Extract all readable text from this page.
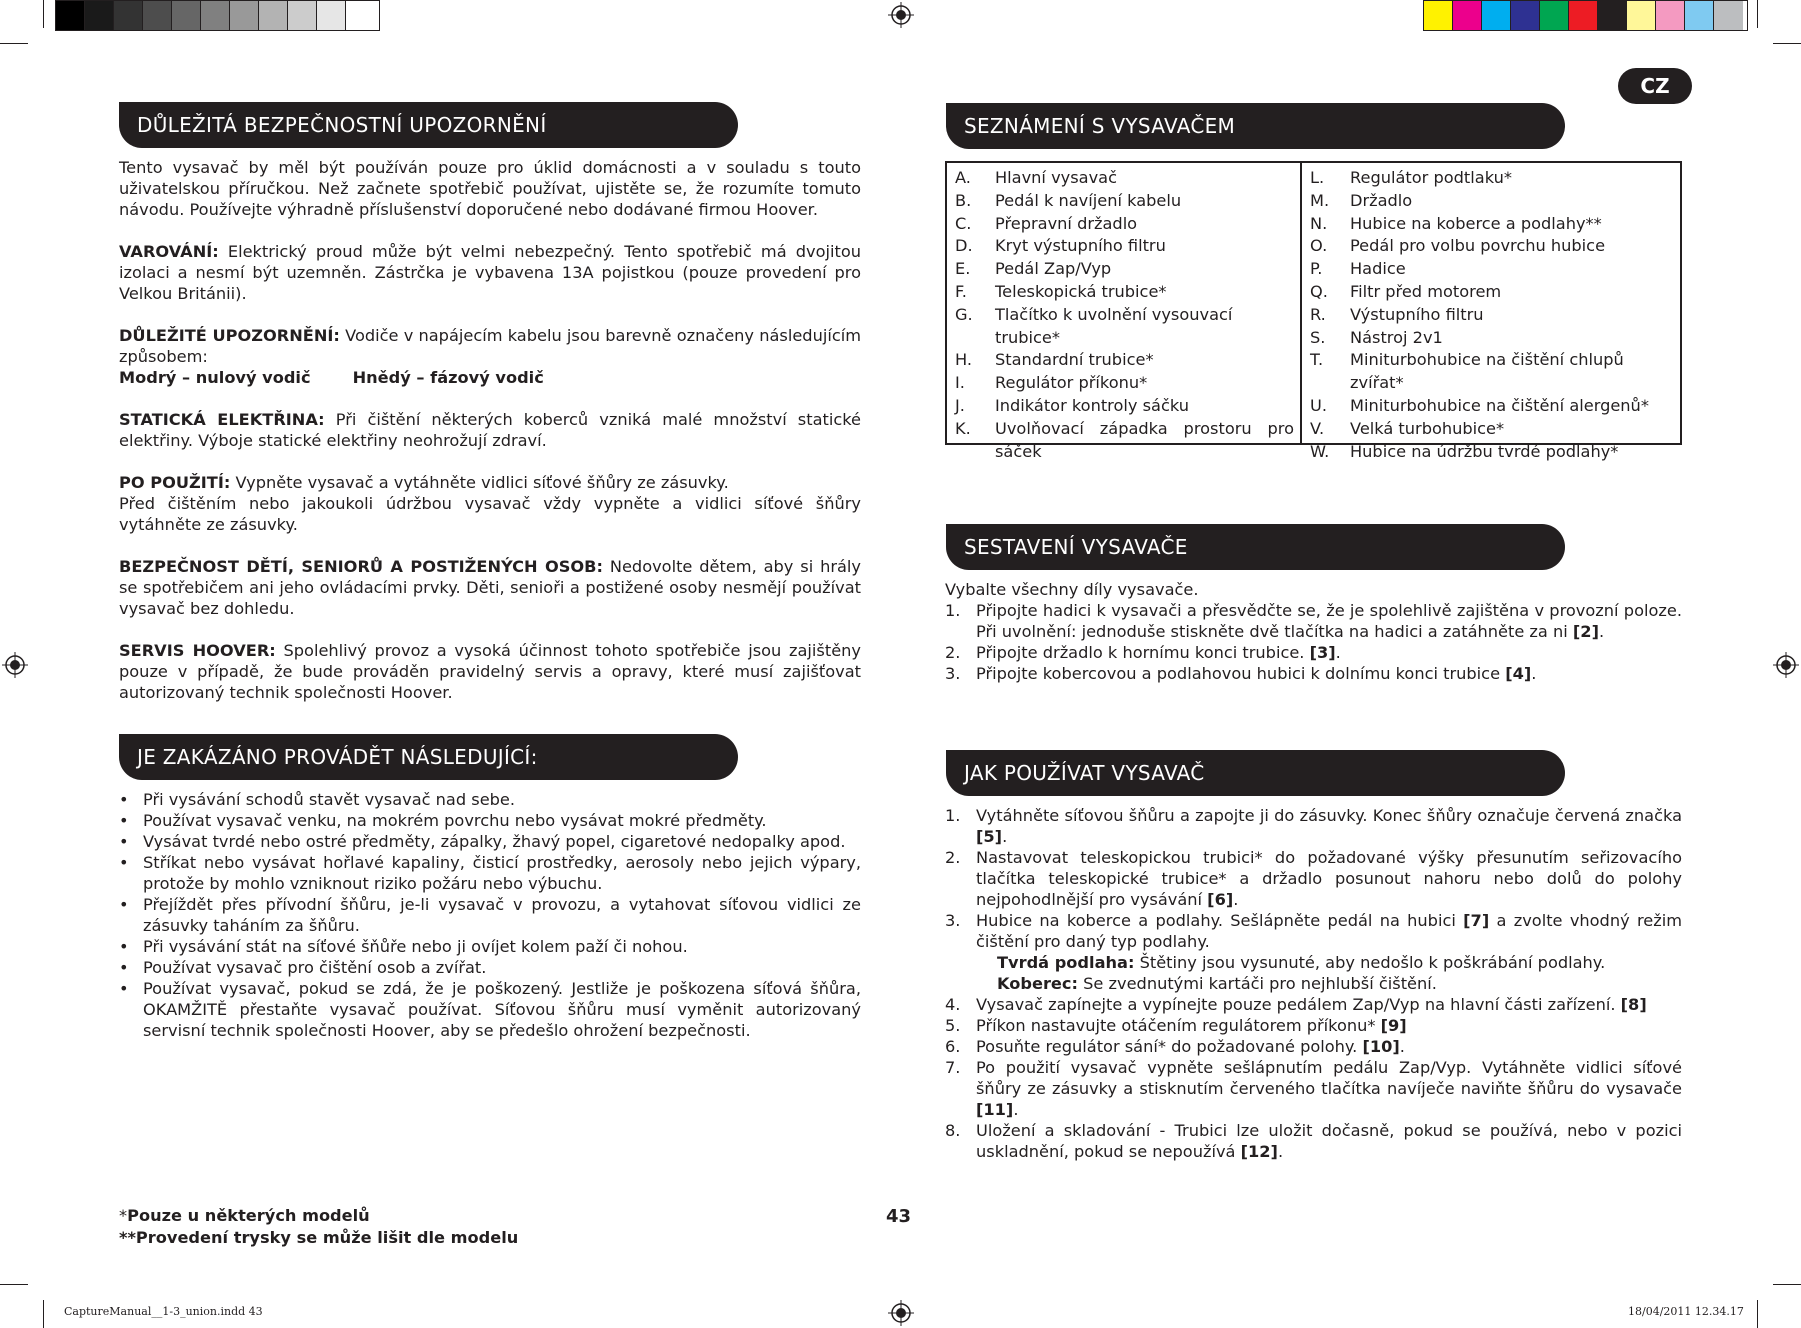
CZ
DŮLEŽITÁ BEZPEČNOSTNÍ UPOZORNĚNÍ

Tento vysavač by měl být používán pouze pro úklid domácnosti a v souladu s touto uživatelskou příručkou. Než začnete spotřebič používat, ujistěte se, že rozumíte tomuto návodu. Používejte výhradně příslušenství doporučené nebo dodávané firmou Hoover.

VAROVÁNÍ: Elektrický proud může být velmi nebezpečný. Tento spotřebič má dvojitou izolaci a nesmí být uzemněn. Zástrčka je vybavena 13A pojistkou (pouze provedení pro Velkou Británii).

DŮLEŽITÉ UPOZORNĚNÍ: Vodiče v napájecím kabelu jsou barevně označeny následujícím způsobem:

Modrý – nulový vodič	Hnědý – fázový vodič

STATICKÁ ELEKTŘINA: Při čištění některých koberců vzniká malé množství statické elektřiny. Výboje statické elektřiny neohrožují zdraví.

PO POUŽITÍ: Vypněte vysavač a vytáhněte vidlici síťové šňůry ze zásuvky.

Před čištěním nebo jakoukoli údržbou vysavač vždy vypněte a vidlici síťové šňůry vytáhněte ze zásuvky.

BEZPEČNOST DĚTÍ, SENIORŮ A POSTIŽENÝCH OSOB: Nedovolte dětem, aby si hrály se spotřebičem ani jeho ovládacími prvky. Děti, senioři a postižené osoby nesmějí používat vysavač bez dohledu.

SERVIS HOOVER: Spolehlivý provoz a vysoká účinnost tohoto spotřebiče jsou zajištěny pouze v případě, že bude prováděn pravidelný servis a opravy, které musí zajišťovat autorizovaný technik společnosti Hoover.

JE ZAKÁZÁNO PROVÁDĚT NÁSLEDUJÍCÍ:
• Při vysávání schodů stavět vysavač nad sebe.
• Používat vysavač venku, na mokrém povrchu nebo vysávat mokré předměty.
• Vysávat tvrdé nebo ostré předměty, zápalky, žhavý popel, cigaretové nedopalky apod.
• Stříkat nebo vysávat hořlavé kapaliny, čisticí prostředky, aerosoly nebo jejich výpary, protože by mohlo vzniknout riziko požáru nebo výbuchu.
• Přejíždět přes přívodní šňůru, je-li vysavač v provozu, a vytahovat síťovou vidlici ze zásuvky taháním za šňůru.
• Při vysávání stát na síťové šňůře nebo ji ovíjet kolem paží či nohou.
• Používat vysavač pro čištění osob a zvířat.
• Používat vysavač, pokud se zdá, že je poškozený. Jestliže je poškozena síťová šňůra, OKAMŽITĚ přestaňte vysavač používat. Síťovou šňůru musí vyměnit autorizovaný servisní technik společnosti Hoover, aby se předešlo ohrožení bezpečnosti.
*Pouze u některých modelů
**Provedení trysky se může lišit dle modelu
43
SEZNÁMENÍ S VYSAVAČEM
A.	Hlavní vysavač
B.	Pedál k navíjení kabelu
C.	Přepravní držadlo
D.	Kryt výstupního filtru
E.	Pedál Zap/Vyp
F.	Teleskopická trubice*
G.	Tlačítko k uvolnění vysouvací trubice*
H.	Standardní trubice*
I.	Regulátor příkonu*
J.	Indikátor kontroly sáčku
K.	Uvolňovací západka prostoru pro sáček
L.	Regulátor podtlaku*
M.	Držadlo
N.	Hubice na koberce a podlahy**
O.	Pedál pro volbu povrchu hubice
P.	Hadice
Q.	Filtr před motorem
R.	Výstupního filtru
S.	Nástroj 2v1
T.	Miniturbohubice na čištění chlupů zvířat*
U.	Miniturbohubice na čištění alergenů*
V.	Velká turbohubice*
W.	Hubice na údržbu tvrdé podlahy*
SESTAVENÍ VYSAVAČE
Vybalte všechny díly vysavače.
1. Připojte hadici k vysavači a přesvědčte se, že je spolehlivě zajištěna v provozní poloze. Při uvolnění: jednoduše stiskněte dvě tlačítka na hadici a zatáhněte za ni [2].
2. Připojte držadlo k hornímu konci trubice. [3].
3. Připojte kobercovou a podlahovou hubici k dolnímu konci trubice [4].
JAK POUŽÍVAT VYSAVAČ
1. Vytáhněte síťovou šňůru a zapojte ji do zásuvky. Konec šňůry označuje červená značka [5].
2. Nastavovat teleskopickou trubici* do požadované výšky přesunutím seřizovacího tlačítka teleskopické trubice* a držadlo posunout nahoru nebo dolů do polohy nejpohodlnější pro vysávání [6].
3. Hubice na koberce a podlahy. Sešlápněte pedál na hubici [7] a zvolte vhodný režim čištění pro daný typ podlahy.
Tvrdá podlaha: Štětiny jsou vysunuté, aby nedošlo k poškrábání podlahy.
Koberec: Se zvednutými kartáči pro nejhlubší čištění.
4. Vysavač zapínejte a vypínejte pouze pedálem Zap/Vyp na hlavní části zařízení. [8]
5. Příkon nastavujte otáčením regulátorem příkonu* [9]
6. Posuňte regulátor sání* do požadované polohy. [10].
7. Po použití vysavač vypněte sešlápnutím pedálu Zap/Vyp. Vytáhněte vidlici síťové šňůry ze zásuvky a stisknutím červeného tlačítka navíječe naviňte šňůru do vysavače [11].
8. Uložení a skladování - Trubici lze uložit dočasně, pokud se používá, nebo v pozici uskladnění, pokud se nepoužívá [12].
CaptureManual__1-3_union.indd 43	18/04/2011 12.34.17
